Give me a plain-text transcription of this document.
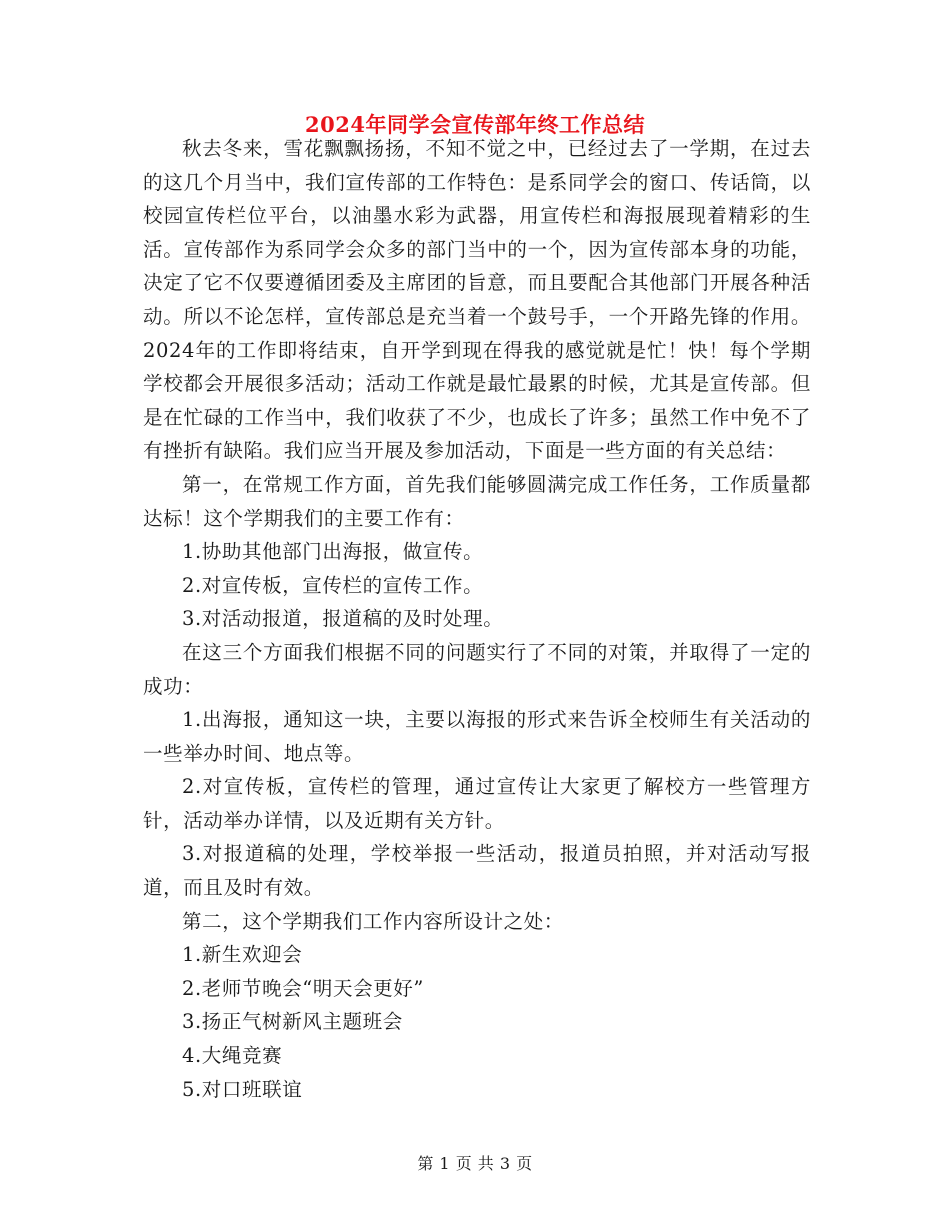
2024年同学会宣传部年终工作总结

秋去冬来，雪花飘飘扬扬，不知不觉之中，已经过去了一学期，在过去的这几个月当中，我们宣传部的工作特色：是系同学会的窗口、传话筒，以校园宣传栏位平台，以油墨水彩为武器，用宣传栏和海报展现着精彩的生活。宣传部作为系同学会众多的部门当中的一个，因为宣传部本身的功能，决定了它不仅要遵循团委及主席团的旨意，而且要配合其他部门开展各种活动。所以不论怎样，宣传部总是充当着一个鼓号手，一个开路先锋的作用。2024年的工作即将结束，自开学到现在得我的感觉就是忙！快！每个学期学校都会开展很多活动；活动工作就是最忙最累的时候，尤其是宣传部。但是在忙碌的工作当中，我们收获了不少，也成长了许多；虽然工作中免不了有挫折有缺陷。我们应当开展及参加活动，下面是一些方面的有关总结：

第一，在常规工作方面，首先我们能够圆满完成工作任务，工作质量都达标！这个学期我们的主要工作有：

1.协助其他部门出海报，做宣传。

2.对宣传板，宣传栏的宣传工作。

3.对活动报道，报道稿的及时处理。

在这三个方面我们根据不同的问题实行了不同的对策，并取得了一定的成功：

1.出海报，通知这一块，主要以海报的形式来告诉全校师生有关活动的一些举办时间、地点等。

2.对宣传板，宣传栏的管理，通过宣传让大家更了解校方一些管理方针，活动举办详情，以及近期有关方针。

3.对报道稿的处理，学校举报一些活动，报道员拍照，并对活动写报道，而且及时有效。

第二，这个学期我们工作内容所设计之处：

1.新生欢迎会

2.老师节晚会“明天会更好”

3.扬正气树新风主题班会

4.大绳竞赛

5.对口班联谊

第 1 页 共 3 页
